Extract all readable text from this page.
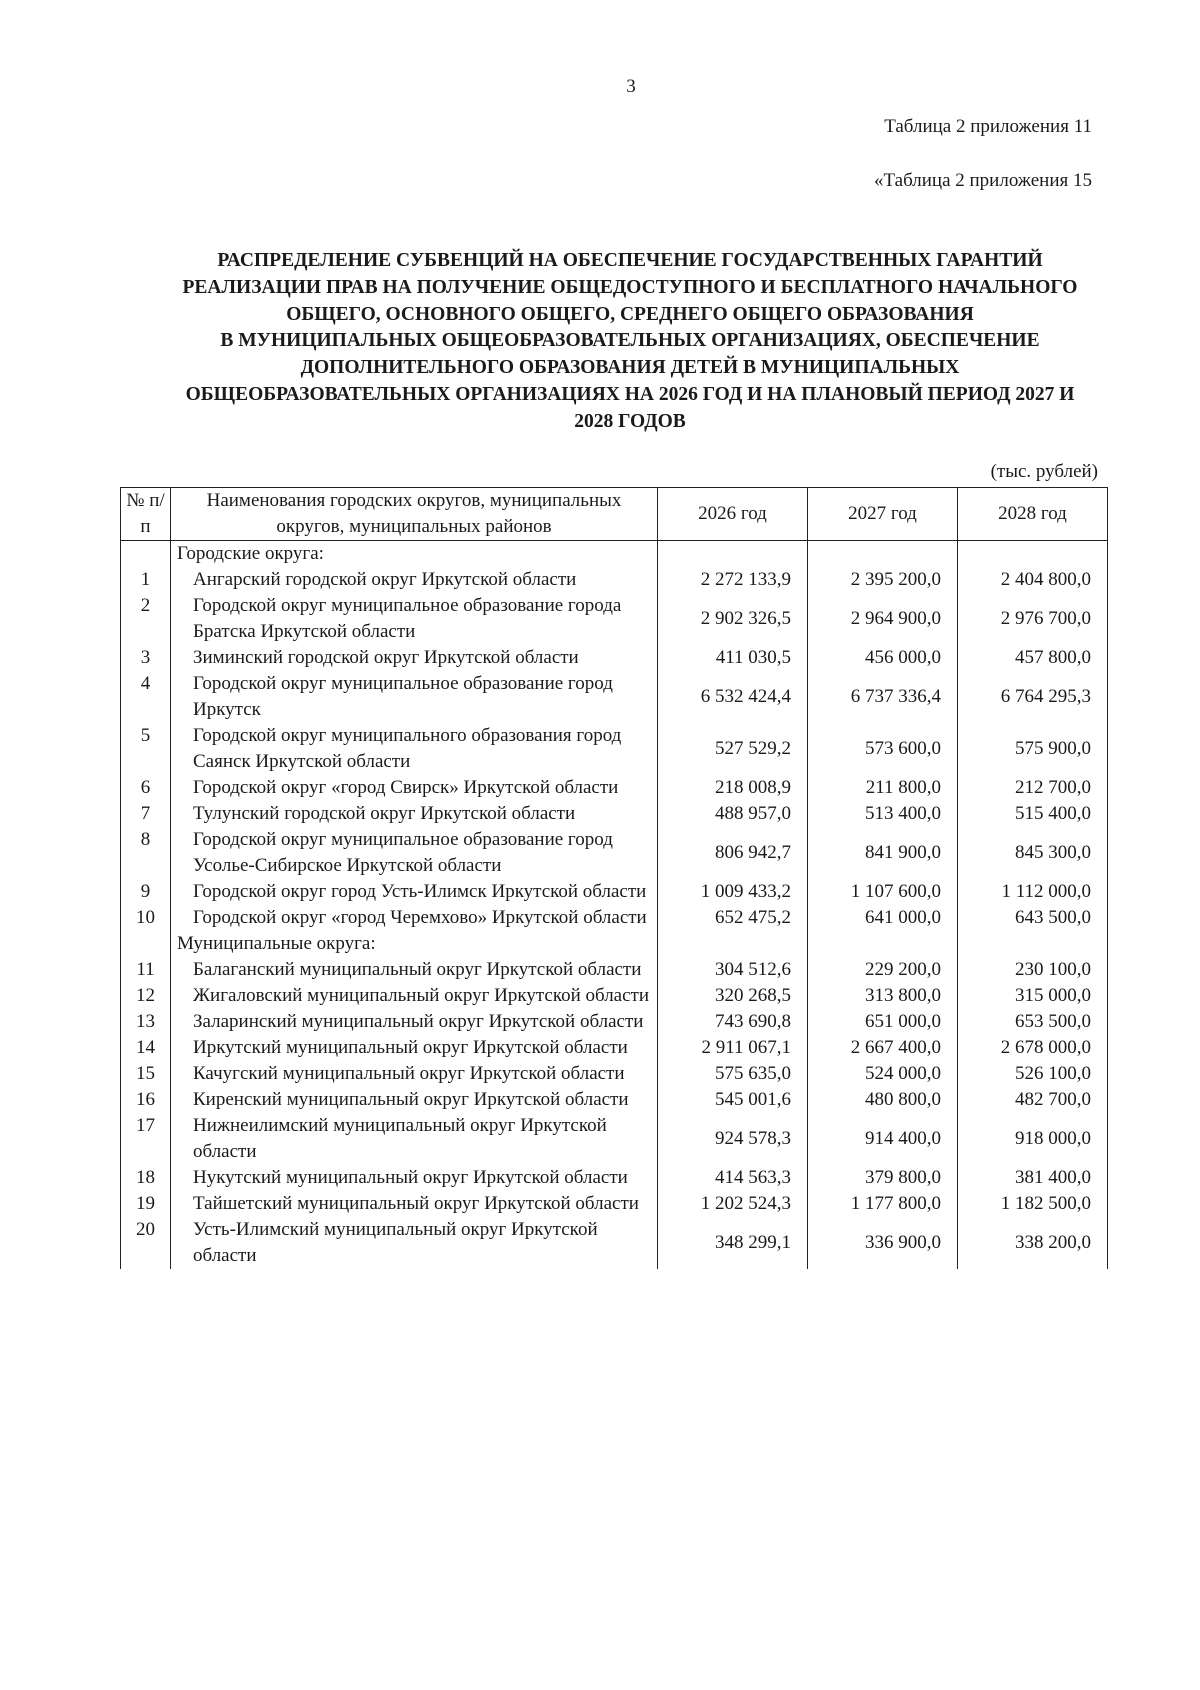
3
Таблица 2 приложения 11
«Таблица 2 приложения 15
РАСПРЕДЕЛЕНИЕ СУБВЕНЦИЙ НА ОБЕСПЕЧЕНИЕ ГОСУДАРСТВЕННЫХ ГАРАНТИЙ
РЕАЛИЗАЦИИ ПРАВ НА ПОЛУЧЕНИЕ ОБЩЕДОСТУПНОГО И БЕСПЛАТНОГО НАЧАЛЬНОГО
ОБЩЕГО, ОСНОВНОГО ОБЩЕГО, СРЕДНЕГО ОБЩЕГО ОБРАЗОВАНИЯ
В МУНИЦИПАЛЬНЫХ ОБЩЕОБРАЗОВАТЕЛЬНЫХ ОРГАНИЗАЦИЯХ, ОБЕСПЕЧЕНИЕ
ДОПОЛНИТЕЛЬНОГО ОБРАЗОВАНИЯ ДЕТЕЙ В МУНИЦИПАЛЬНЫХ
ОБЩЕОБРАЗОВАТЕЛЬНЫХ ОРГАНИЗАЦИЯХ НА 2026 ГОД И НА ПЛАНОВЫЙ ПЕРИОД 2027 И
2028 ГОДОВ
(тыс. рублей)
№ п/п	Наименования городских округов, муниципальных округов, муниципальных районов	2026 год	2027 год	2028 год
	Городские округа:			
1	Ангарский городской округ Иркутской области	2 272 133,9	2 395 200,0	2 404 800,0
2	Городской округ муниципальное образование города Братска Иркутской области	2 902 326,5	2 964 900,0	2 976 700,0
3	Зиминский городской округ Иркутской области	411 030,5	456 000,0	457 800,0
4	Городской округ муниципальное образование город Иркутск	6 532 424,4	6 737 336,4	6 764 295,3
5	Городской округ муниципального образования город Саянск Иркутской области	527 529,2	573 600,0	575 900,0
6	Городской округ «город Свирск» Иркутской области	218 008,9	211 800,0	212 700,0
7	Тулунский городской округ Иркутской области	488 957,0	513 400,0	515 400,0
8	Городской округ муниципальное образование город Усолье-Сибирское Иркутской области	806 942,7	841 900,0	845 300,0
9	Городской округ город Усть-Илимск Иркутской области	1 009 433,2	1 107 600,0	1 112 000,0
10	Городской округ «город Черемхово» Иркутской области	652 475,2	641 000,0	643 500,0
	Муниципальные округа:			
11	Балаганский муниципальный округ Иркутской области	304 512,6	229 200,0	230 100,0
12	Жигаловский муниципальный округ Иркутской области	320 268,5	313 800,0	315 000,0
13	Заларинский муниципальный округ Иркутской области	743 690,8	651 000,0	653 500,0
14	Иркутский муниципальный округ Иркутской области	2 911 067,1	2 667 400,0	2 678 000,0
15	Качугский муниципальный округ Иркутской области	575 635,0	524 000,0	526 100,0
16	Киренский муниципальный округ Иркутской области	545 001,6	480 800,0	482 700,0
17	Нижнеилимский муниципальный округ Иркутской области	924 578,3	914 400,0	918 000,0
18	Нукутский муниципальный округ Иркутской области	414 563,3	379 800,0	381 400,0
19	Тайшетский муниципальный округ Иркутской области	1 202 524,3	1 177 800,0	1 182 500,0
20	Усть-Илимский муниципальный округ Иркутской области	348 299,1	336 900,0	338 200,0
